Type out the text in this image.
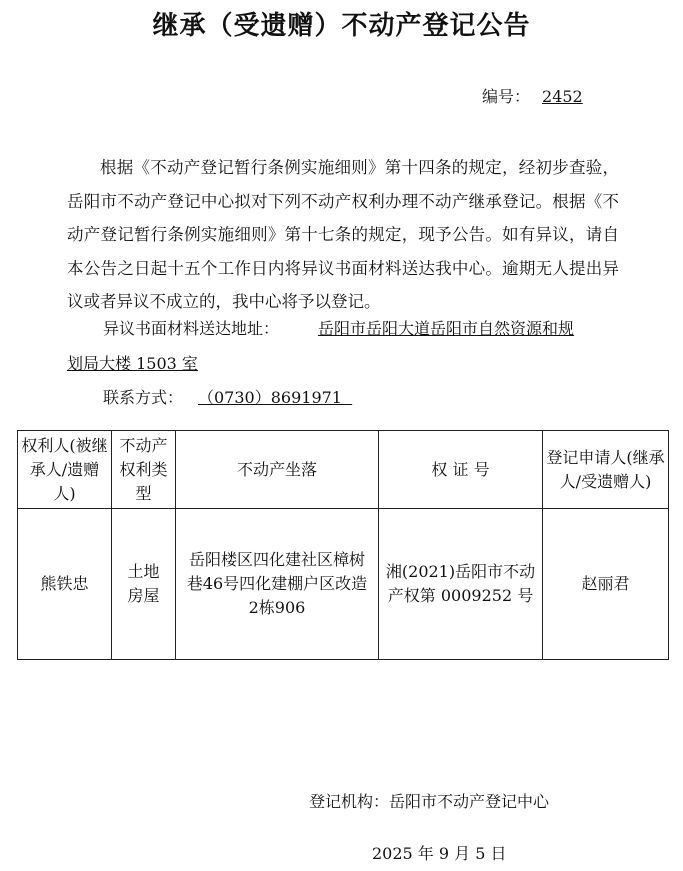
继承（受遗赠）不动产登记公告
编号： 2452
根据《不动产登记暂行条例实施细则》第十四条的规定，经初步查验，岳阳市不动产登记中心拟对下列不动产权利办理不动产继承登记。根据《不动产登记暂行条例实施细则》第十七条的规定，现予公告。如有异议，请自本公告之日起十五个工作日内将异议书面材料送达我中心。逾期无人提出异议或者异议不成立的，我中心将予以登记。
异议书面材料送达地址： 岳阳市岳阳大道岳阳市自然资源和规
划局大楼 1503 室
联系方式： （0730）8691971
权利人(被继承人/遗赠人)	不动产权利类型	不动产坐落	权 证 号	登记申请人(继承人/受遗赠人)
熊铁忠	土地房屋	岳阳楼区四化建社区樟树巷46号四化建棚户区改造2栋906	湘(2021)岳阳市不动产权第 0009252 号	赵丽君
登记机构：岳阳市不动产登记中心
2025 年 9 月 5 日
